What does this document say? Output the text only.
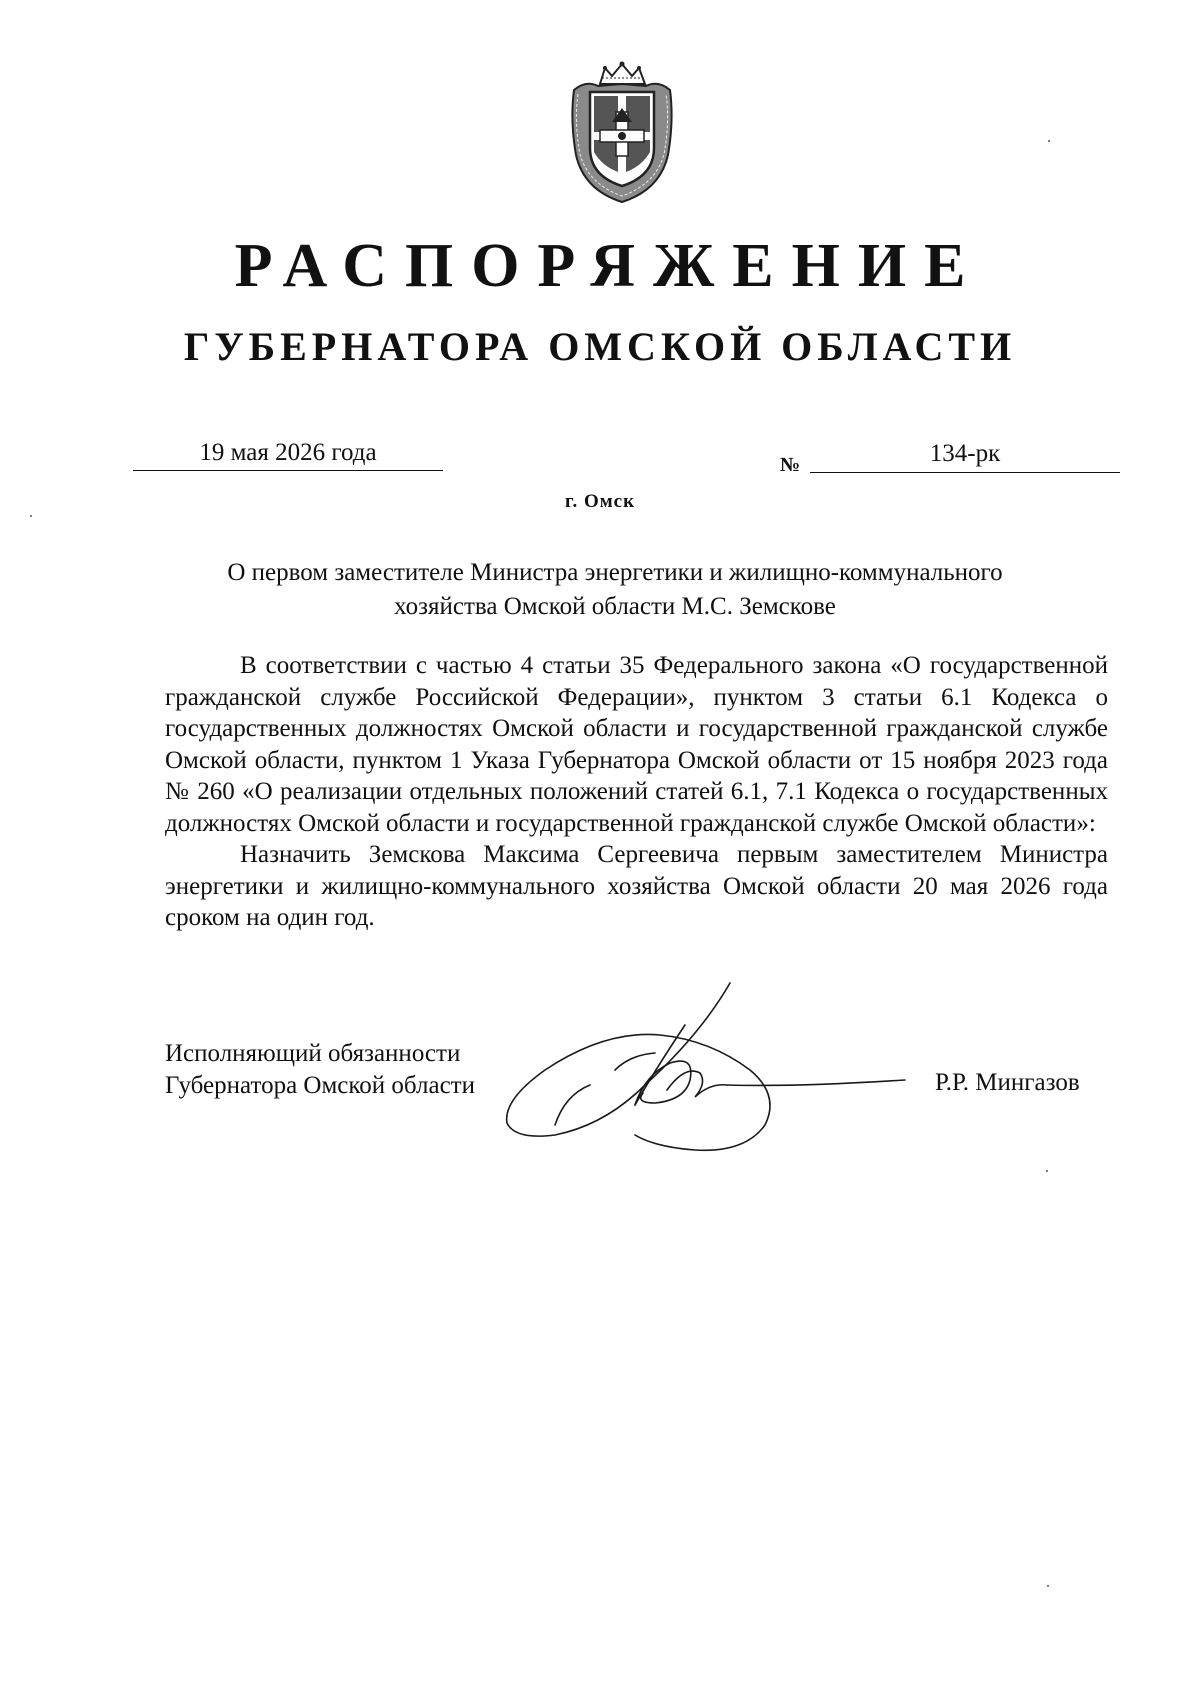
РАСПОРЯЖЕНИЕ
ГУБЕРНАТОРА ОМСКОЙ ОБЛАСТИ
19 мая 2026 года	№	134-рк
г. Омск
О первом заместителе Министра энергетики и жилищно-коммунального
хозяйства Омской области М.С. Земскове

В соответствии с частью 4 статьи 35 Федерального закона «О государственной гражданской службе Российской Федерации», пунктом 3 статьи 6.1 Кодекса о государственных должностях Омской области и государственной гражданской службе Омской области, пунктом 1 Указа Губернатора Омской области от 15 ноября 2023 года № 260 «О реализации отдельных положений статей 6.1, 7.1 Кодекса о государственных должностях Омской области и государственной гражданской службе Омской области»:

Назначить Земскова Максима Сергеевича первым заместителем Министра энергетики и жилищно-коммунального хозяйства Омской области 20 мая 2026 года сроком на один год.

Исполняющий обязанности
Губернатора Омской области	Р.Р. Мингазов
